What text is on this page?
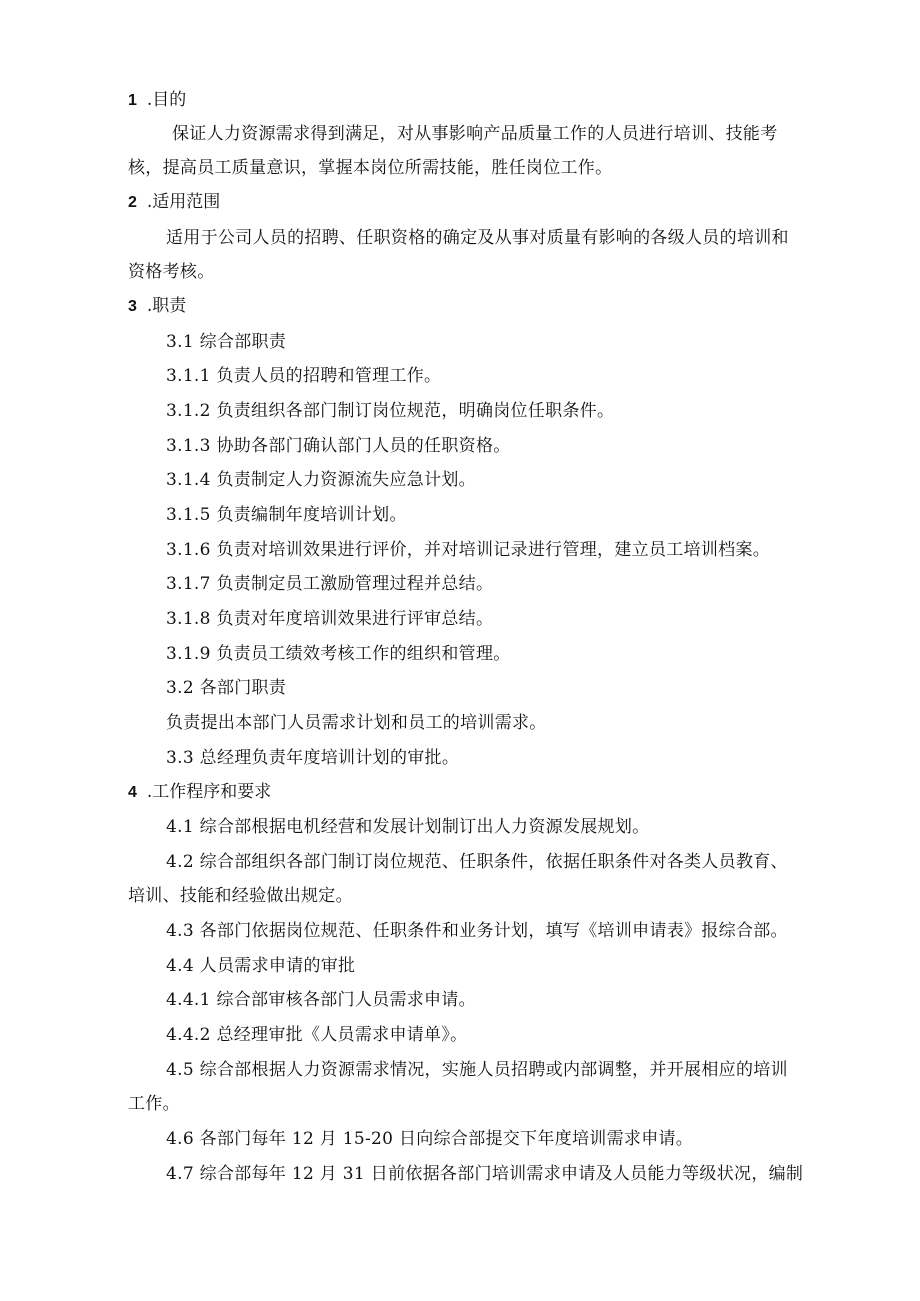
1 .目的
保证人力资源需求得到满足，对从事影响产品质量工作的人员进行培训、技能考
核，提高员工质量意识，掌握本岗位所需技能，胜任岗位工作。
2 .适用范围
适用于公司人员的招聘、任职资格的确定及从事对质量有影响的各级人员的培训和
资格考核。
3 .职责
3.1 综合部职责
3.1.1 负责人员的招聘和管理工作。
3.1.2 负责组织各部门制订岗位规范，明确岗位任职条件。
3.1.3 协助各部门确认部门人员的任职资格。
3.1.4 负责制定人力资源流失应急计划。
3.1.5 负责编制年度培训计划。
3.1.6 负责对培训效果进行评价，并对培训记录进行管理，建立员工培训档案。
3.1.7 负责制定员工激励管理过程并总结。
3.1.8 负责对年度培训效果进行评审总结。
3.1.9 负责员工绩效考核工作的组织和管理。
3.2 各部门职责
负责提出本部门人员需求计划和员工的培训需求。
3.3 总经理负责年度培训计划的审批。
4 .工作程序和要求
4.1 综合部根据电机经营和发展计划制订出人力资源发展规划。
4.2 综合部组织各部门制订岗位规范、任职条件，依据任职条件对各类人员教育、
培训、技能和经验做出规定。
4.3 各部门依据岗位规范、任职条件和业务计划，填写《培训申请表》报综合部。
4.4 人员需求申请的审批
4.4.1 综合部审核各部门人员需求申请。
4.4.2 总经理审批《人员需求申请单》。
4.5 综合部根据人力资源需求情况，实施人员招聘或内部调整，并开展相应的培训
工作。
4.6 各部门每年 12 月 15-20 日向综合部提交下年度培训需求申请。
4.7 综合部每年 12 月 31 日前依据各部门培训需求申请及人员能力等级状况，编制
